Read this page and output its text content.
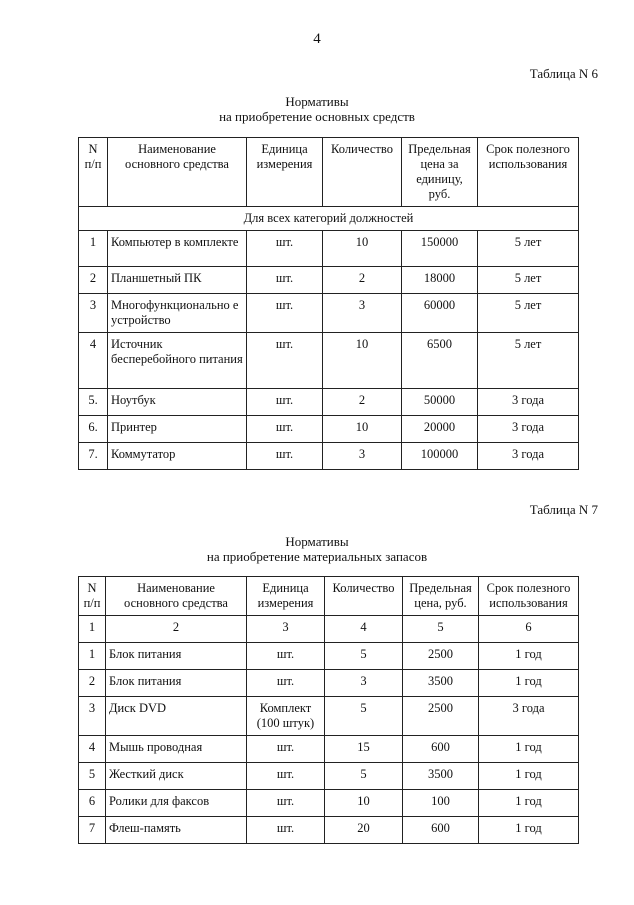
4
Таблица N 6
Нормативы
на приобретение основных средств
N п/п	Наименование основного средства	Единица измерения	Количество	Предельная цена за единицу, руб.	Срок полезного использования
Для всех категорий должностей					
1	Компьютер в комплекте	шт.	10	150000	5 лет
2	Планшетный ПК	шт.	2	18000	5 лет
3	Многофункционально е устройство	шт.	3	60000	5 лет
4	Источник бесперебойного питания	шт.	10	6500	5 лет
5.	Ноутбук	шт.	2	50000	3 года
6.	Принтер	шт.	10	20000	3 года
7.	Коммутатор	шт.	3	100000	3 года
Таблица N 7
Нормативы
на приобретение материальных запасов
N п/п	Наименование основного средства	Единица измерения	Количество	Предельная цена, руб.	Срок полезного использования
1	2	3	4	5	6
1	Блок питания	шт.	5	2500	1 год
2	Блок питания	шт.	3	3500	1 год
3	Диск DVD	Комплект (100 штук)	5	2500	3 года
4	Мышь проводная	шт.	15	600	1 год
5	Жесткий диск	шт.	5	3500	1 год
6	Ролики для факсов	шт.	10	100	1 год
7	Флеш-память	шт.	20	600	1 год
